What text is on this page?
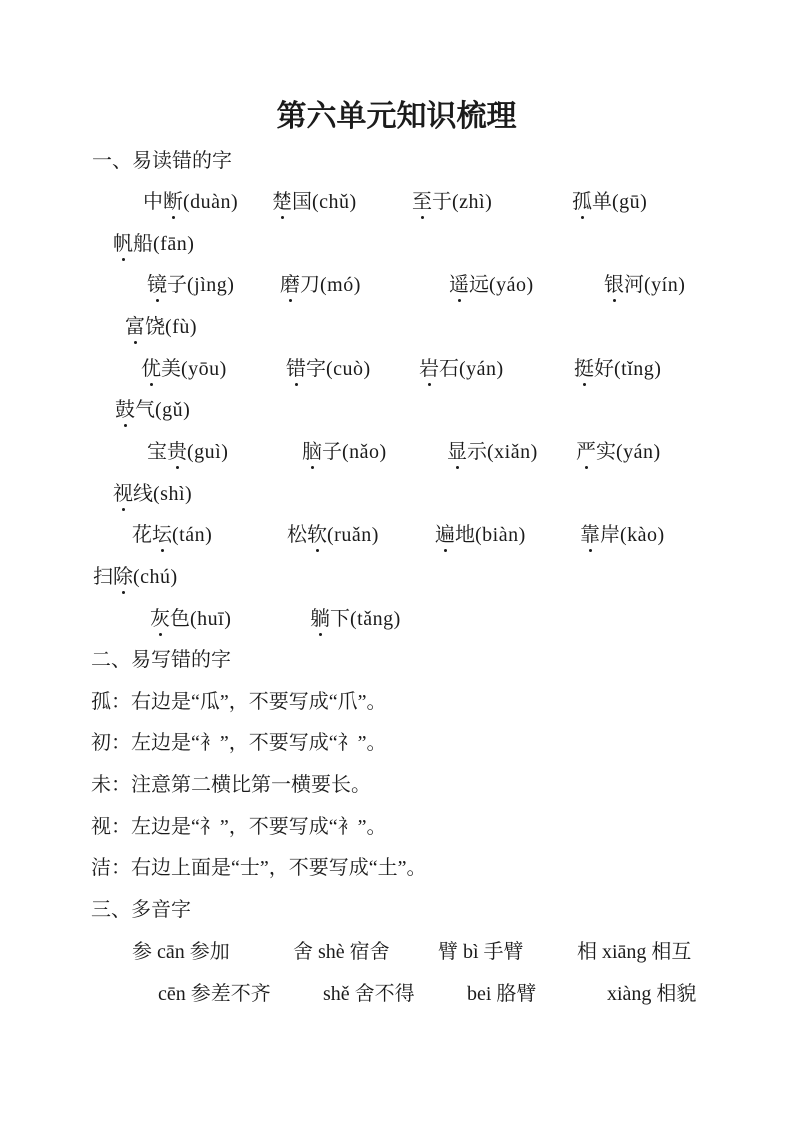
第六单元知识梳理
一、易读错的字
中断(duàn) 楚国(chǔ)	至于(zhì)	孤单(gū)
帆船(fān)
镜子(jìng) 磨刀(mó)	遥远(yáo)	银河(yín)
富饶(fù)
优美(yōu)	错字(cuò) 岩石(yán)	挺好(tǐng)
鼓气(gǔ)
宝贵(guì)	脑子(nǎo)	显示(xiǎn) 严实(yán)
视线(shì)
花坛(tán)	松软(ruǎn)	遍地(biàn)	靠岸(kào)
扫除(chú)
灰色(huī)	躺下(tǎng)
二、易写错的字
孤：右边是“瓜”，不要写成“爪”。
初：左边是“衤”，不要写成“礻”。
未：注意第二横比第一横要长。
视：左边是“礻”，不要写成“衤”。
洁：右边上面是“士”，不要写成“土”。
三、多音字
参 cān 参加	舍 shè 宿舍 臂 bì 手臂	相 xiāng 相互
cēn 参差不齐	shě 舍不得	bei 胳臂	xiàng 相貌
